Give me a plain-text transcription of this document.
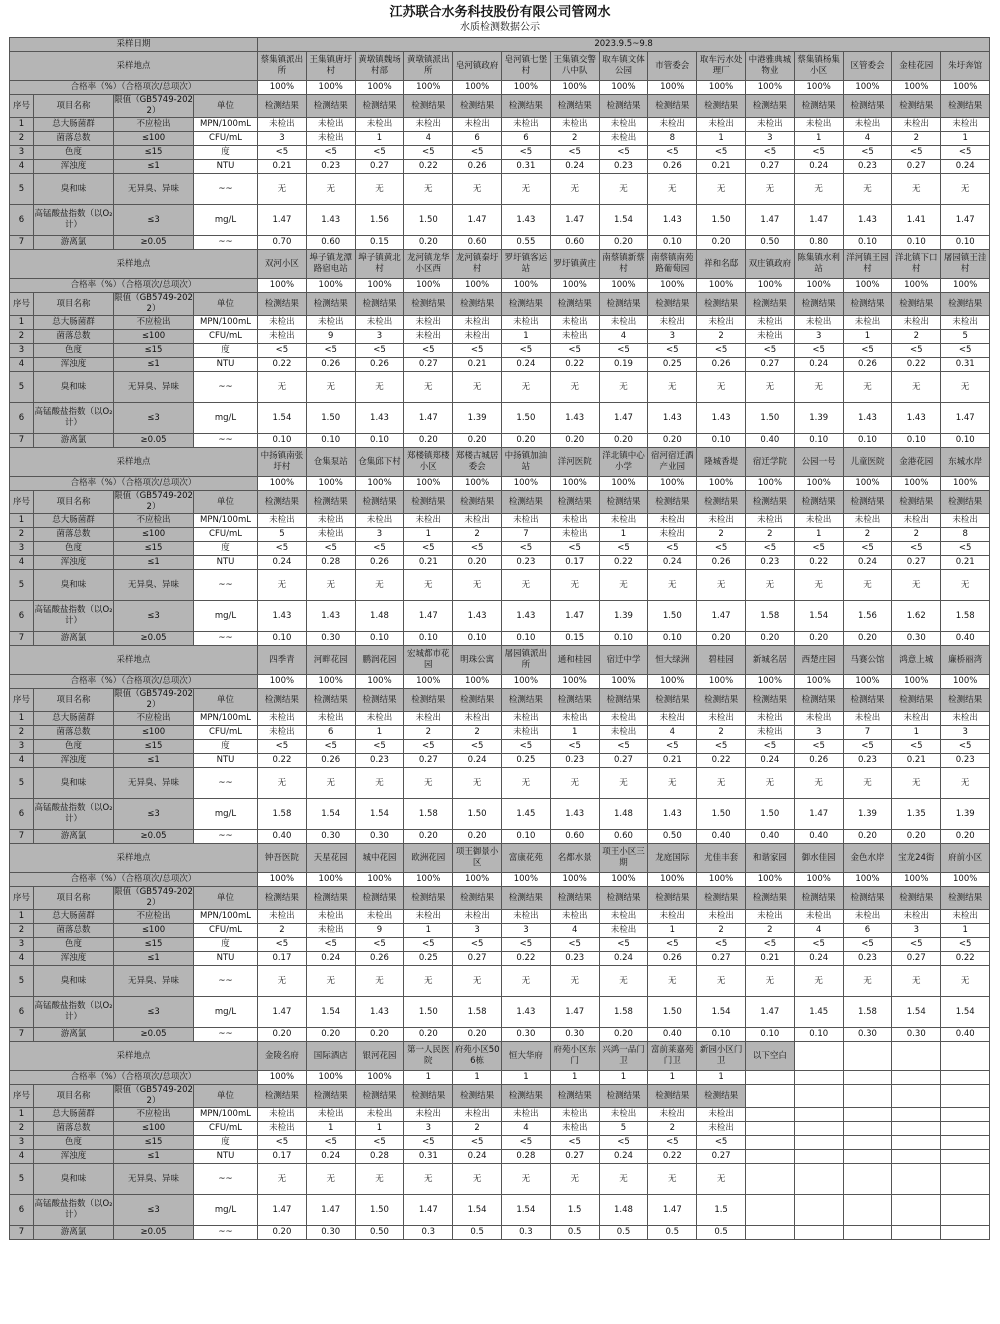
江苏联合水务科技股份有限公司管网水
水质检测数据公示
采样日期				2023.9.5~9.8														
采样地点				蔡集镇派出所	王集镇唐圩村	黄墩镇魏场村部	黄墩镇派出所	皂河镇政府	皂河镇七堡村	王集镇交警八中队	取车镇文体公园	市管委会	取车污水处理厂	中港雅典城物业	蔡集镇杨集小区	区管委会	金桂花园	朱圩奔馆
合格率（%）（合格项次/总项次）				100%	100%	100%	100%	100%	100%	100%	100%	100%	100%	100%	100%	100%	100%	100%
序号	项目名称	限值（GB5749-2022）	单位	检测结果	检测结果	检测结果	检测结果	检测结果	检测结果	检测结果	检测结果	检测结果	检测结果	检测结果	检测结果	检测结果	检测结果	检测结果
1	总大肠菌群	不应检出	MPN/100mL	未检出	未检出	未检出	未检出	未检出	未检出	未检出	未检出	未检出	未检出	未检出	未检出	未检出	未检出	未检出
2	菌落总数	≤100	CFU/mL	3	未检出	1	4	6	6	2	未检出	8	1	3	1	4	2	1
3	色度	≤15	度	<5	<5	<5	<5	<5	<5	<5	<5	<5	<5	<5	<5	<5	<5	<5
4	浑浊度	≤1	NTU	0.21	0.23	0.27	0.22	0.26	0.31	0.24	0.23	0.26	0.21	0.27	0.24	0.23	0.27	0.24
5	臭和味	无异臭、异味	~~	无	无	无	无	无	无	无	无	无	无	无	无	无	无	无
6	高锰酸盐指数（以O₂计）	≤3	mg/L	1.47	1.43	1.56	1.50	1.47	1.43	1.47	1.54	1.43	1.50	1.47	1.47	1.43	1.41	1.47
7	游离氯	≥0.05	~~	0.70	0.60	0.15	0.20	0.60	0.55	0.60	0.20	0.10	0.20	0.50	0.80	0.10	0.10	0.10
采样地点				双河小区	埠子镇龙潭路宿电站	埠子镇黄北村	龙河镇龙华小区西	龙河镇秦圩村	罗圩镇客运站	罗圩镇黄庄	南蔡镇新蔡村	南蔡镇南苑路葡萄园	祥和名邸	双庄镇政府	陈集镇水利站	洋河镇王园村	洋北镇下口村	屠园镇王洼村
合格率（%）（合格项次/总项次）				100%	100%	100%	100%	100%	100%	100%	100%	100%	100%	100%	100%	100%	100%	100%
序号	项目名称	限值（GB5749-2022）	单位	检测结果	检测结果	检测结果	检测结果	检测结果	检测结果	检测结果	检测结果	检测结果	检测结果	检测结果	检测结果	检测结果	检测结果	检测结果
1	总大肠菌群	不应检出	MPN/100mL	未检出	未检出	未检出	未检出	未检出	未检出	未检出	未检出	未检出	未检出	未检出	未检出	未检出	未检出	未检出
2	菌落总数	≤100	CFU/mL	未检出	9	3	未检出	未检出	1	未检出	4	3	2	未检出	3	1	2	5
3	色度	≤15	度	<5	<5	<5	<5	<5	<5	<5	<5	<5	<5	<5	<5	<5	<5	<5
4	浑浊度	≤1	NTU	0.22	0.26	0.26	0.27	0.21	0.24	0.22	0.19	0.25	0.26	0.27	0.24	0.26	0.22	0.31
5	臭和味	无异臭、异味	~~	无	无	无	无	无	无	无	无	无	无	无	无	无	无	无
6	高锰酸盐指数（以O₂计）	≤3	mg/L	1.54	1.50	1.43	1.47	1.39	1.50	1.43	1.47	1.43	1.43	1.50	1.39	1.43	1.43	1.47
7	游离氯	≥0.05	~~	0.10	0.10	0.10	0.20	0.20	0.20	0.20	0.20	0.20	0.10	0.40	0.10	0.10	0.10	0.10
采样地点				中扬镇南张圩村	仓集泵站	仓集邱下村	郑楼镇郑楼小区	郑楼古城居委会	中扬镇加油站	洋河医院	洋北镇中心小学	宿河宿迁酒产业园	隆城香堤	宿迁学院	公园一号	儿童医院	金港花园	东城水岸
合格率（%）（合格项次/总项次）				100%	100%	100%	100%	100%	100%	100%	100%	100%	100%	100%	100%	100%	100%	100%
序号	项目名称	限值（GB5749-2022）	单位	检测结果	检测结果	检测结果	检测结果	检测结果	检测结果	检测结果	检测结果	检测结果	检测结果	检测结果	检测结果	检测结果	检测结果	检测结果
1	总大肠菌群	不应检出	MPN/100mL	未检出	未检出	未检出	未检出	未检出	未检出	未检出	未检出	未检出	未检出	未检出	未检出	未检出	未检出	未检出
2	菌落总数	≤100	CFU/mL	5	未检出	3	1	2	7	未检出	1	未检出	2	2	1	2	2	8
3	色度	≤15	度	<5	<5	<5	<5	<5	<5	<5	<5	<5	<5	<5	<5	<5	<5	<5
4	浑浊度	≤1	NTU	0.24	0.28	0.26	0.21	0.20	0.23	0.17	0.22	0.24	0.26	0.23	0.22	0.24	0.27	0.21
5	臭和味	无异臭、异味	~~	无	无	无	无	无	无	无	无	无	无	无	无	无	无	无
6	高锰酸盐指数（以O₂计）	≤3	mg/L	1.43	1.43	1.48	1.47	1.43	1.43	1.47	1.39	1.50	1.47	1.58	1.54	1.56	1.62	1.58
7	游离氯	≥0.05	~~	0.10	0.30	0.10	0.10	0.10	0.10	0.15	0.10	0.10	0.20	0.20	0.20	0.20	0.30	0.40
采样地点				四季青	河畔花园	鹏润花园	宏城都市花园	明珠公寓	屠园镇派出所	通和桂园	宿迁中学	恒大绿洲	碧桂园	新城名居	西楚庄园	马赛公馆	鸿意上城	廉桥丽湾
合格率（%）（合格项次/总项次）				100%	100%	100%	100%	100%	100%	100%	100%	100%	100%	100%	100%	100%	100%	100%
序号	项目名称	限值（GB5749-2022）	单位	检测结果	检测结果	检测结果	检测结果	检测结果	检测结果	检测结果	检测结果	检测结果	检测结果	检测结果	检测结果	检测结果	检测结果	检测结果
1	总大肠菌群	不应检出	MPN/100mL	未检出	未检出	未检出	未检出	未检出	未检出	未检出	未检出	未检出	未检出	未检出	未检出	未检出	未检出	未检出
2	菌落总数	≤100	CFU/mL	未检出	6	1	2	2	未检出	1	未检出	4	2	未检出	3	7	1	3
3	色度	≤15	度	<5	<5	<5	<5	<5	<5	<5	<5	<5	<5	<5	<5	<5	<5	<5
4	浑浊度	≤1	NTU	0.22	0.26	0.23	0.27	0.24	0.25	0.23	0.27	0.21	0.22	0.24	0.26	0.23	0.21	0.23
5	臭和味	无异臭、异味	~~	无	无	无	无	无	无	无	无	无	无	无	无	无	无	无
6	高锰酸盐指数（以O₂计）	≤3	mg/L	1.58	1.54	1.54	1.58	1.50	1.45	1.43	1.48	1.43	1.50	1.50	1.47	1.39	1.35	1.39
7	游离氯	≥0.05	~~	0.40	0.30	0.30	0.20	0.20	0.10	0.60	0.60	0.50	0.40	0.40	0.40	0.20	0.20	0.20
采样地点				钟吾医院	天星花园	城中花园	欧洲花园	项王御景小区	富康花苑	名都水景	项王小区三期	龙庭国际	尤佳丰套	和谐家园	御水佳园	金色水岸	宝龙24街	府前小区
合格率（%）（合格项次/总项次）				100%	100%	100%	100%	100%	100%	100%	100%	100%	100%	100%	100%	100%	100%	100%
序号	项目名称	限值（GB5749-2022）	单位	检测结果	检测结果	检测结果	检测结果	检测结果	检测结果	检测结果	检测结果	检测结果	检测结果	检测结果	检测结果	检测结果	检测结果	检测结果
1	总大肠菌群	不应检出	MPN/100mL	未检出	未检出	未检出	未检出	未检出	未检出	未检出	未检出	未检出	未检出	未检出	未检出	未检出	未检出	未检出
2	菌落总数	≤100	CFU/mL	2	未检出	9	1	3	3	4	未检出	1	2	2	4	6	3	1
3	色度	≤15	度	<5	<5	<5	<5	<5	<5	<5	<5	<5	<5	<5	<5	<5	<5	<5
4	浑浊度	≤1	NTU	0.17	0.24	0.26	0.25	0.27	0.22	0.23	0.24	0.26	0.27	0.21	0.24	0.23	0.27	0.22
5	臭和味	无异臭、异味	~~	无	无	无	无	无	无	无	无	无	无	无	无	无	无	无
6	高锰酸盐指数（以O₂计）	≤3	mg/L	1.47	1.54	1.43	1.50	1.58	1.43	1.47	1.58	1.50	1.54	1.47	1.45	1.58	1.54	1.54
7	游离氯	≥0.05	~~	0.20	0.20	0.20	0.20	0.20	0.30	0.30	0.20	0.40	0.10	0.10	0.10	0.30	0.30	0.40
采样地点				金陵名府	国际酒店	银河花园	第一人民医院	府苑小区506栋	恒大华府	府苑小区东门	兴鸿一品门卫	富前莱嘉苑门卫	新园小区门卫	以下空白				
合格率（%）（合格项次/总项次）				100%	100%	100%	1	1	1	1	1	1	1					
序号	项目名称	限值（GB5749-2022）	单位	检测结果	检测结果	检测结果	检测结果	检测结果	检测结果	检测结果	检测结果	检测结果	检测结果					
1	总大肠菌群	不应检出	MPN/100mL	未检出	未检出	未检出	未检出	未检出	未检出	未检出	未检出	未检出	未检出					
2	菌落总数	≤100	CFU/mL	未检出	1	1	3	2	4	未检出	5	2	未检出					
3	色度	≤15	度	<5	<5	<5	<5	<5	<5	<5	<5	<5	<5					
4	浑浊度	≤1	NTU	0.17	0.24	0.28	0.31	0.24	0.28	0.27	0.24	0.22	0.27					
5	臭和味	无异臭、异味	~~	无	无	无	无	无	无	无	无	无	无					
6	高锰酸盐指数（以O₂计）	≤3	mg/L	1.47	1.47	1.50	1.47	1.54	1.54	1.5	1.48	1.47	1.5					
7	游离氯	≥0.05	~~	0.20	0.30	0.50	0.3	0.5	0.3	0.5	0.5	0.5	0.5					
